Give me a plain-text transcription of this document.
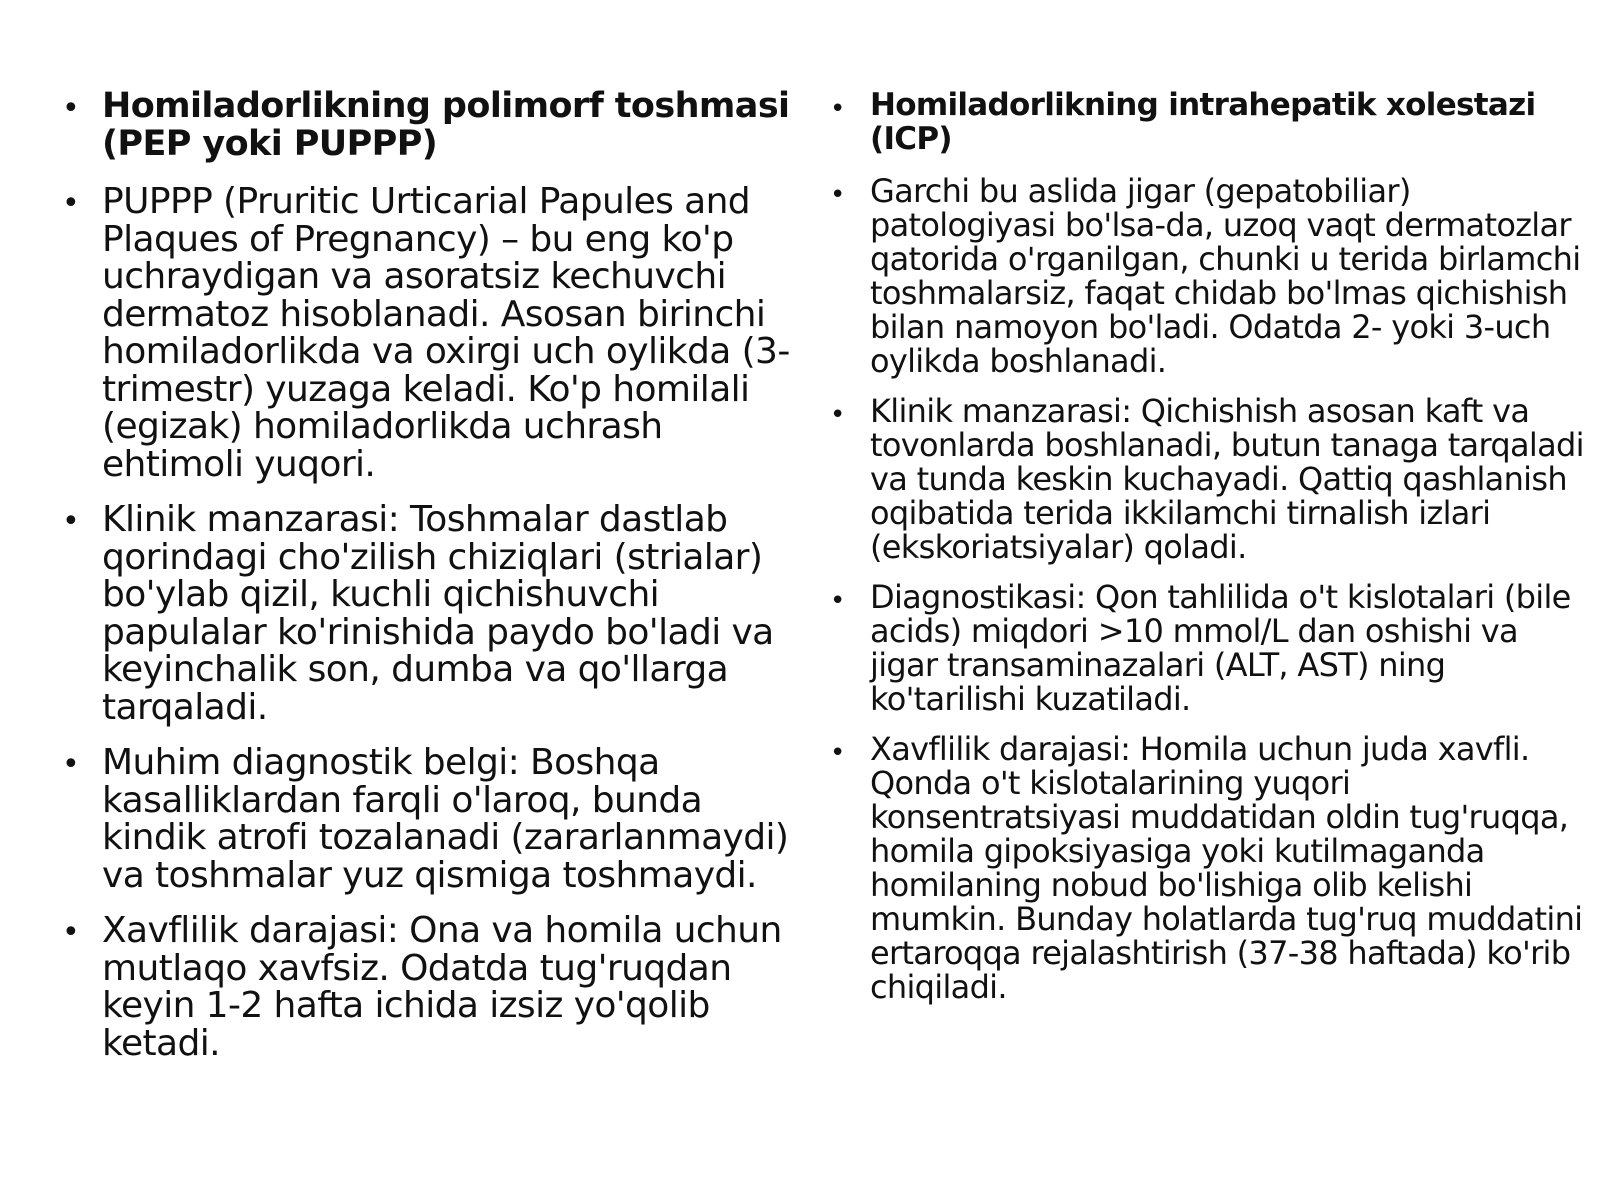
• Homiladorlikning polimorf toshmasi (PEP yoki PUPPP)
• PUPPP (Pruritic Urticarial Papules and Plaques of Pregnancy) – bu eng ko'p uchraydigan va asoratsiz kechuvchi dermatoz hisoblanadi. Asosan birinchi homiladorlikda va oxirgi uch oylikda (3-trimestr) yuzaga keladi. Ko'p homilali (egizak) homiladorlikda uchrash ehtimoli yuqori.
• Klinik manzarasi: Toshmalar dastlab qorindagi cho'zilish chiziqlari (strialar) bo'ylab qizil, kuchli qichishuvchi papulalar ko'rinishida paydo bo'ladi va keyinchalik son, dumba va qo'llarga tarqaladi.
• Muhim diagnostik belgi: Boshqa kasalliklardan farqli o'laroq, bunda kindik atrofi tozalanadi (zararlanmaydi) va toshmalar yuz qismiga toshmaydi.
• Xavflilik darajasi: Ona va homila uchun mutlaqo xavfsiz. Odatda tug'ruqdan keyin 1-2 hafta ichida izsiz yo'qolib ketadi.
• Homiladorlikning intrahepatik xolestazi (ICP)
• Garchi bu aslida jigar (gepatobiliar) patologiyasi bo'lsa-da, uzoq vaqt dermatozlar qatorida o'rganilgan, chunki u terida birlamchi toshmalarsiz, faqat chidab bo'lmas qichishish bilan namoyon bo'ladi. Odatda 2- yoki 3-uch oylikda boshlanadi.
• Klinik manzarasi: Qichishish asosan kaft va tovonlarda boshlanadi, butun tanaga tarqaladi va tunda keskin kuchayadi. Qattiq qashlanish oqibatida terida ikkilamchi tirnalish izlari (ekskoriatsiyalar) qoladi.
• Diagnostikasi: Qon tahlilida o't kislotalari (bile acids) miqdori >10 mmol/L dan oshishi va jigar transaminazalari (ALT, AST) ning ko'tarilishi kuzatiladi.
• Xavflilik darajasi: Homila uchun juda xavfli. Qonda o't kislotalarining yuqori konsentratsiyasi muddatidan oldin tug'ruqqa, homila gipoksiyasiga yoki kutilmaganda homilaning nobud bo'lishiga olib kelishi mumkin. Bunday holatlarda tug'ruq muddatini ertaroqqa rejalashtirish (37-38 haftada) ko'rib chiqiladi.
